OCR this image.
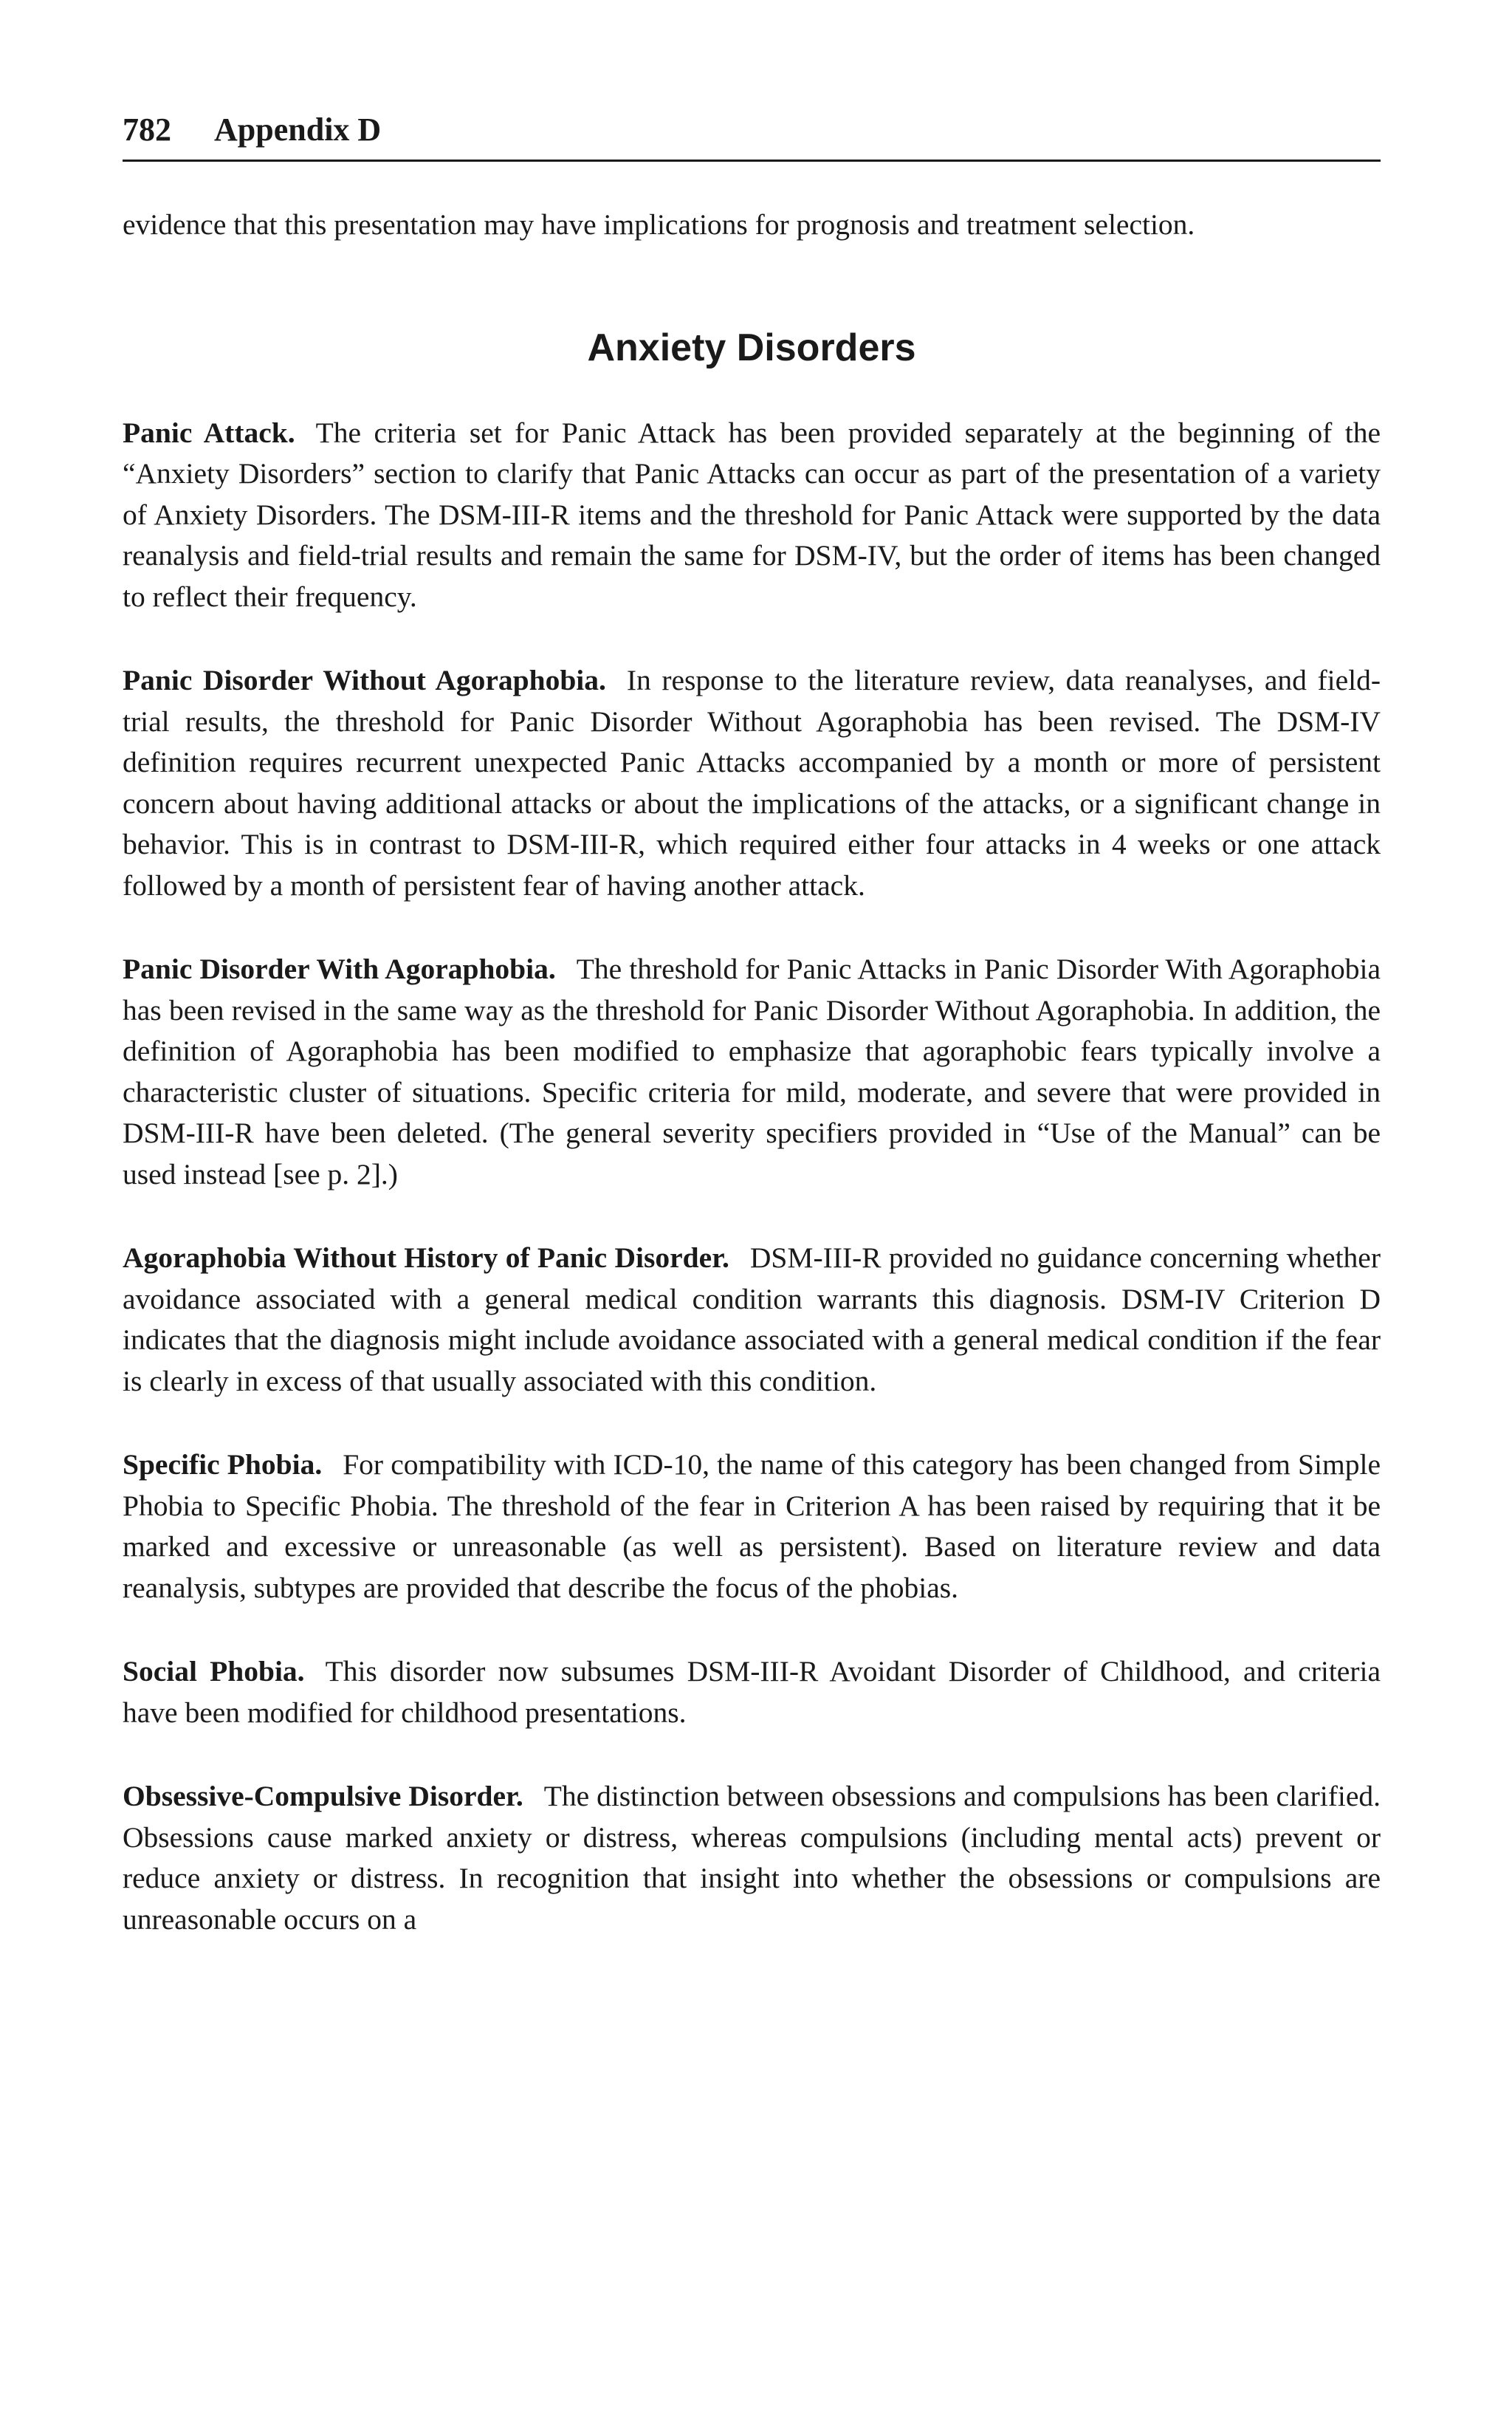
782 Appendix D

evidence that this presentation may have implications for prognosis and treatment selection.

Anxiety Disorders

Panic Attack. The criteria set for Panic Attack has been provided separately at the beginning of the “Anxiety Disorders” section to clarify that Panic Attacks can occur as part of the presentation of a variety of Anxiety Disorders. The DSM-III-R items and the threshold for Panic Attack were supported by the data reanalysis and field-trial results and remain the same for DSM-IV, but the order of items has been changed to reflect their frequency.

Panic Disorder Without Agoraphobia. In response to the literature review, data reanalyses, and field-trial results, the threshold for Panic Disorder Without Agoraphobia has been revised. The DSM-IV definition requires recurrent unexpected Panic Attacks accompanied by a month or more of persistent concern about having additional attacks or about the implications of the attacks, or a significant change in behavior. This is in contrast to DSM-III-R, which required either four attacks in 4 weeks or one attack followed by a month of persistent fear of having another attack.

Panic Disorder With Agoraphobia. The threshold for Panic Attacks in Panic Disorder With Agoraphobia has been revised in the same way as the threshold for Panic Disorder Without Agoraphobia. In addition, the definition of Agoraphobia has been modified to emphasize that agoraphobic fears typically involve a characteristic cluster of situations. Specific criteria for mild, moderate, and severe that were provided in DSM-III-R have been deleted. (The general severity specifiers provided in “Use of the Manual” can be used instead [see p. 2].)

Agoraphobia Without History of Panic Disorder. DSM-III-R provided no guidance concerning whether avoidance associated with a general medical condition warrants this diagnosis. DSM-IV Criterion D indicates that the diagnosis might include avoidance associated with a general medical condition if the fear is clearly in excess of that usually associated with this condition.

Specific Phobia. For compatibility with ICD-10, the name of this category has been changed from Simple Phobia to Specific Phobia. The threshold of the fear in Criterion A has been raised by requiring that it be marked and excessive or unreasonable (as well as persistent). Based on literature review and data reanalysis, subtypes are provided that describe the focus of the phobias.

Social Phobia. This disorder now subsumes DSM-III-R Avoidant Disorder of Childhood, and criteria have been modified for childhood presentations.

Obsessive-Compulsive Disorder. The distinction between obsessions and compulsions has been clarified. Obsessions cause marked anxiety or distress, whereas compulsions (including mental acts) prevent or reduce anxiety or distress. In recognition that insight into whether the obsessions or compulsions are unreasonable occurs on a
